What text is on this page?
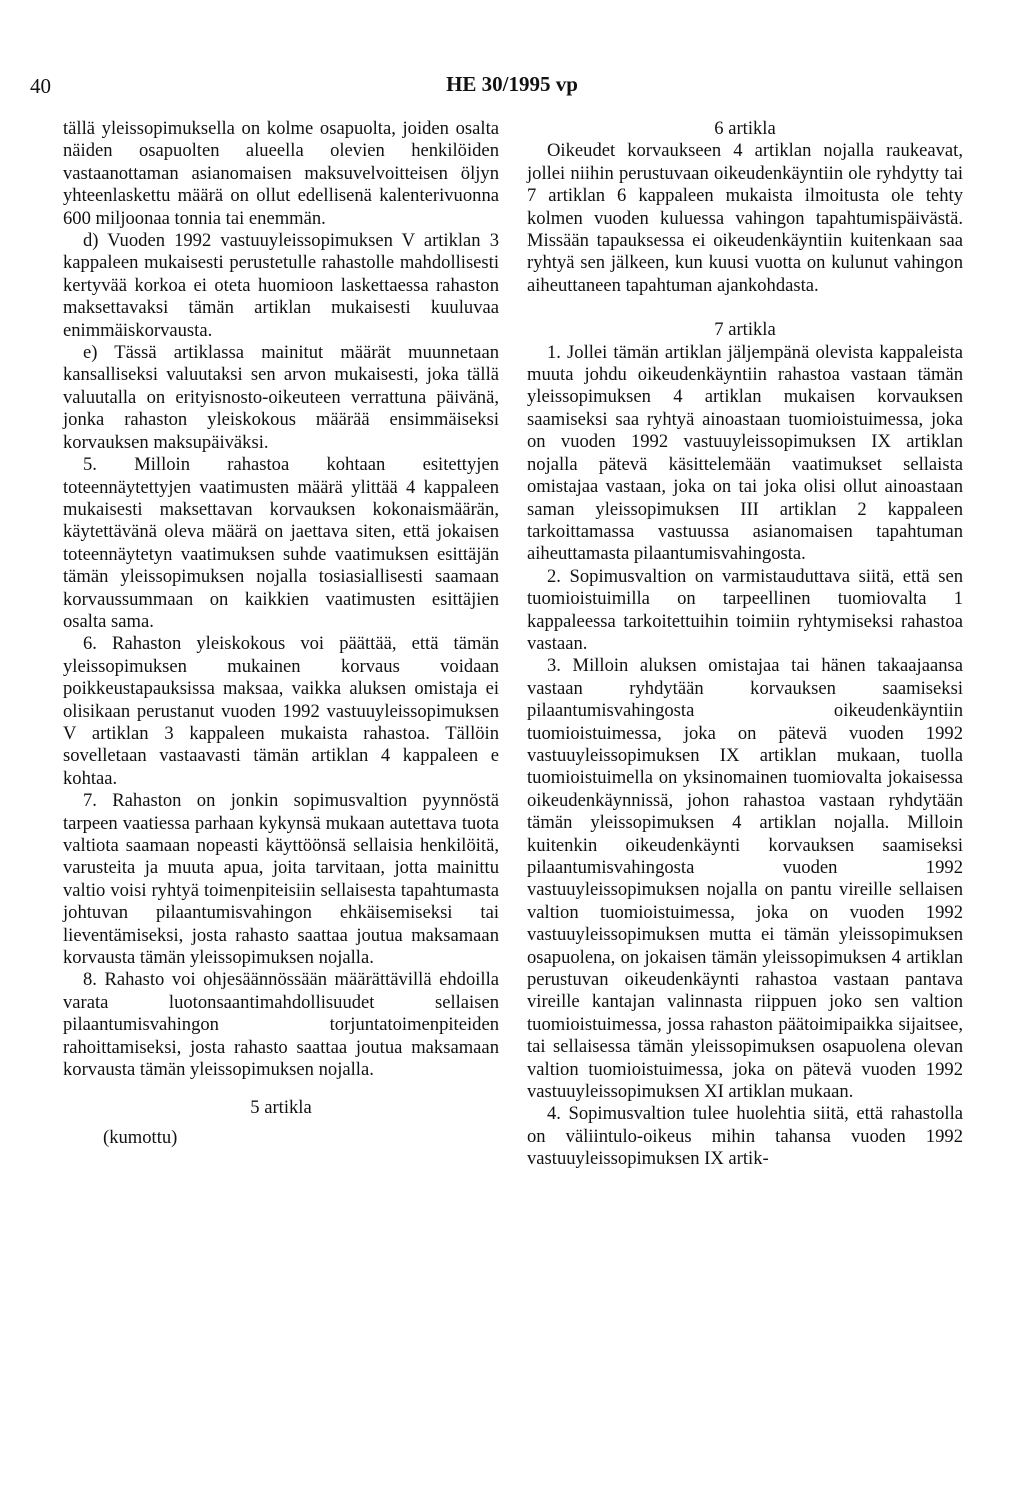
40	HE 30/1995 vp

tällä yleissopimuksella on kolme osapuolta, joiden osalta näiden osapuolten alueella olevien henkilöiden vastaanottaman asianomaisen maksuvelvoitteisen öljyn yhteenlaskettu määrä on ollut edellisenä kalenterivuonna 600 miljoonaa tonnia tai enemmän.

d) Vuoden 1992 vastuuyleissopimuksen V artiklan 3 kappaleen mukaisesti perustetulle rahastolle mahdollisesti kertyvää korkoa ei oteta huomioon laskettaessa rahaston maksettavaksi tämän artiklan mukaisesti kuuluvaa enimmäiskorvausta.

e) Tässä artiklassa mainitut määrät muunnetaan kansalliseksi valuutaksi sen arvon mukaisesti, joka tällä valuutalla on erityisnosto-oikeuteen verrattuna päivänä, jonka rahaston yleiskokous määrää ensimmäiseksi korvauksen maksupäiväksi.

5. Milloin rahastoa kohtaan esitettyjen toteennäytettyjen vaatimusten määrä ylittää 4 kappaleen mukaisesti maksettavan korvauksen kokonaismäärän, käytettävänä oleva määrä on jaettava siten, että jokaisen toteennäytetyn vaatimuksen suhde vaatimuksen esittäjän tämän yleissopimuksen nojalla tosiasiallisesti saamaan korvaussummaan on kaikkien vaatimusten esittäjien osalta sama.

6. Rahaston yleiskokous voi päättää, että tämän yleissopimuksen mukainen korvaus voidaan poikkeustapauksissa maksaa, vaikka aluksen omistaja ei olisikaan perustanut vuoden 1992 vastuuyleissopimuksen V artiklan 3 kappaleen mukaista rahastoa. Tällöin sovelletaan vastaavasti tämän artiklan 4 kappaleen e kohtaa.

7. Rahaston on jonkin sopimusvaltion pyynnöstä tarpeen vaatiessa parhaan kykynsä mukaan autettava tuota valtiota saamaan nopeasti käyttöönsä sellaisia henkilöitä, varusteita ja muuta apua, joita tarvitaan, jotta mainittu valtio voisi ryhtyä toimenpiteisiin sellaisesta tapahtumasta johtuvan pilaantumisvahingon ehkäisemiseksi tai lieventämiseksi, josta rahasto saattaa joutua maksamaan korvausta tämän yleissopimuksen nojalla.

8. Rahasto voi ohjesäännössään määrättävillä ehdoilla varata luotonsaantimahdollisuudet sellaisen pilaantumisvahingon torjuntatoimenpiteiden rahoittamiseksi, josta rahasto saattaa joutua maksamaan korvausta tämän yleissopimuksen nojalla.

5 artikla
(kumottu)

6 artikla

Oikeudet korvaukseen 4 artiklan nojalla raukeavat, jollei niihin perustuvaan oikeudenkäyntiin ole ryhdytty tai 7 artiklan 6 kappaleen mukaista ilmoitusta ole tehty kolmen vuoden kuluessa vahingon tapahtumispäivästä. Missään tapauksessa ei oikeudenkäyntiin kuitenkaan saa ryhtyä sen jälkeen, kun kuusi vuotta on kulunut vahingon aiheuttaneen tapahtuman ajankohdasta.

7 artikla

1. Jollei tämän artiklan jäljempänä olevista kappaleista muuta johdu oikeudenkäyntiin rahastoa vastaan tämän yleissopimuksen 4 artiklan mukaisen korvauksen saamiseksi saa ryhtyä ainoastaan tuomioistuimessa, joka on vuoden 1992 vastuuyleissopimuksen IX artiklan nojalla pätevä käsittelemään vaatimukset sellaista omistajaa vastaan, joka on tai joka olisi ollut ainoastaan saman yleissopimuksen III artiklan 2 kappaleen tarkoittamassa vastuussa asianomaisen tapahtuman aiheuttamasta pilaantumisvahingosta.

2. Sopimusvaltion on varmistauduttava siitä, että sen tuomioistuimilla on tarpeellinen tuomiovalta 1 kappaleessa tarkoitettuihin toimiin ryhtymiseksi rahastoa vastaan.

3. Milloin aluksen omistajaa tai hänen takaajaansa vastaan ryhdytään korvauksen saamiseksi pilaantumisvahingosta oikeudenkäyntiin tuomioistuimessa, joka on pätevä vuoden 1992 vastuuyleissopimuksen IX artiklan mukaan, tuolla tuomioistuimella on yksinomainen tuomiovalta jokaisessa oikeudenkäynnissä, johon rahastoa vastaan ryhdytään tämän yleissopimuksen 4 artiklan nojalla. Milloin kuitenkin oikeudenkäynti korvauksen saamiseksi pilaantumisvahingosta vuoden 1992 vastuuyleissopimuksen nojalla on pantu vireille sellaisen valtion tuomioistuimessa, joka on vuoden 1992 vastuuyleissopimuksen mutta ei tämän yleissopimuksen osapuolena, on jokaisen tämän yleissopimuksen 4 artiklan perustuvan oikeudenkäynti rahastoa vastaan pantava vireille kantajan valinnasta riippuen joko sen valtion tuomioistuimessa, jossa rahaston päätoimipaikka sijaitsee, tai sellaisessa tämän yleissopimuksen osapuolena olevan valtion tuomioistuimessa, joka on pätevä vuoden 1992 vastuuyleissopimuksen XI artiklan mukaan.

4. Sopimusvaltion tulee huolehtia siitä, että rahastolla on väliintulo-oikeus mihin tahansa vuoden 1992 vastuuyleissopimuksen IX artik-
